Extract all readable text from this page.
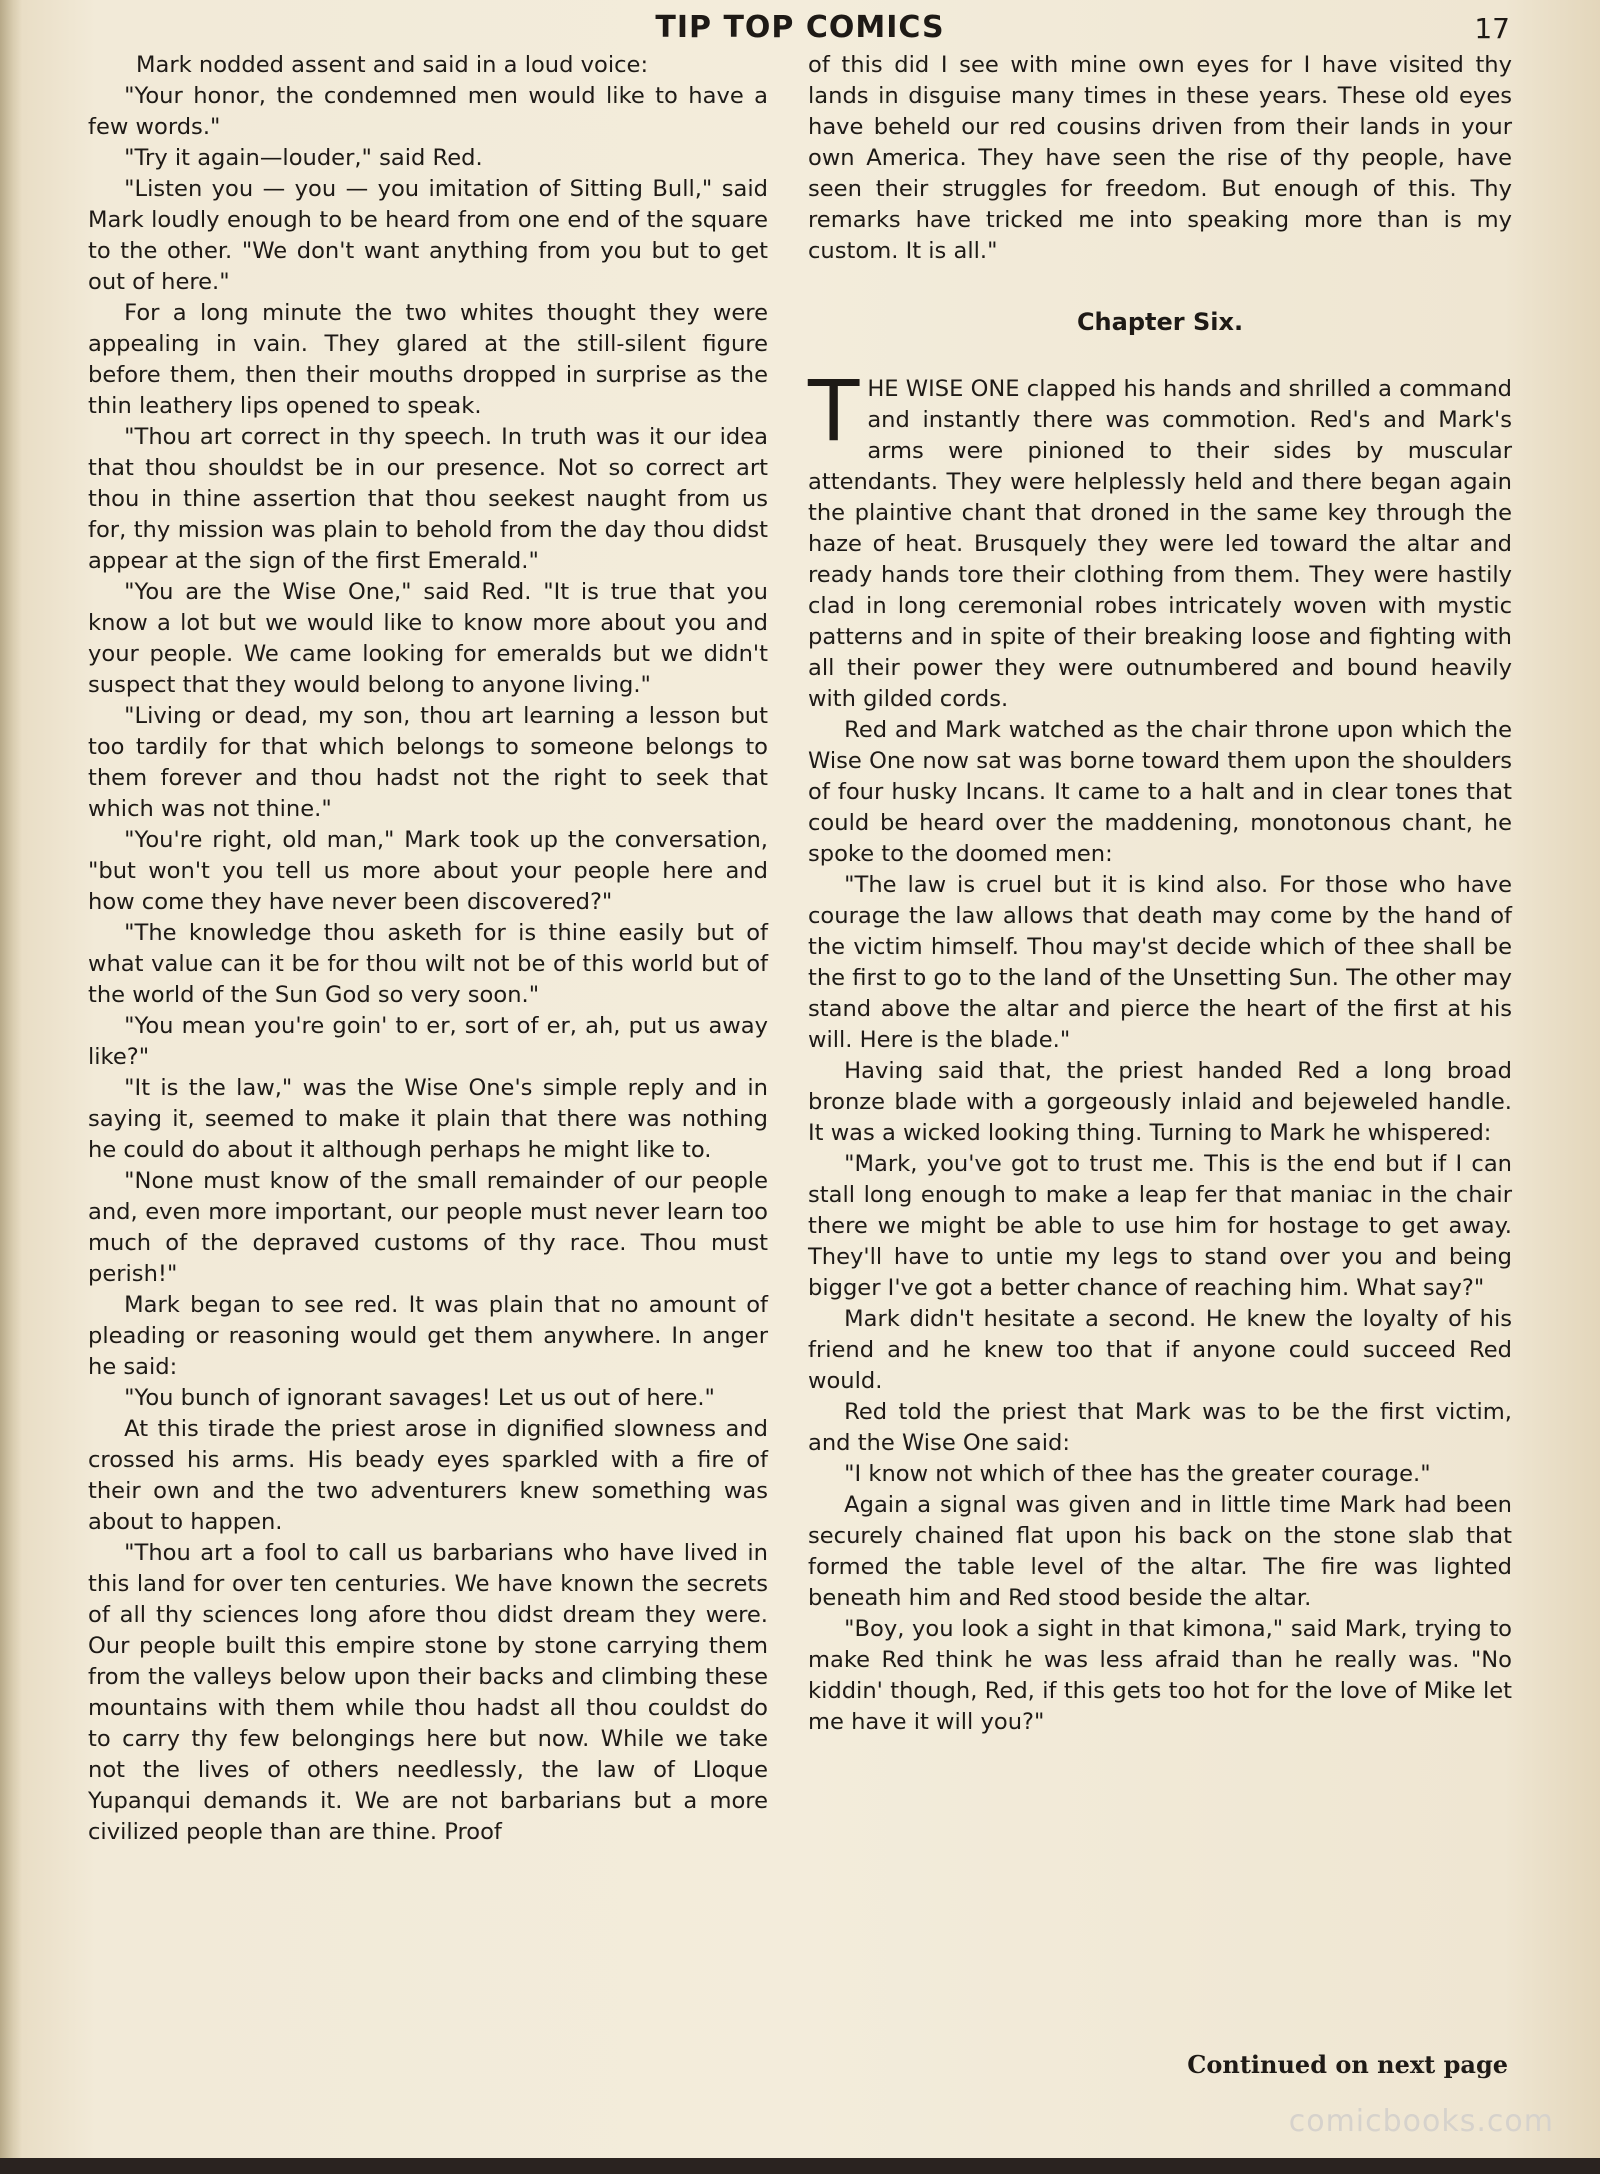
TIP TOP COMICS	17

Mark nodded assent and said in a loud voice:

"Your honor, the condemned men would like to have a few words."

"Try it again—louder," said Red.

"Listen you — you — you imitation of Sitting Bull," said Mark loudly enough to be heard from one end of the square to the other. "We don't want anything from you but to get out of here."

For a long minute the two whites thought they were appealing in vain. They glared at the still-silent figure before them, then their mouths dropped in surprise as the thin leathery lips opened to speak.

"Thou art correct in thy speech. In truth was it our idea that thou shouldst be in our presence. Not so correct art thou in thine assertion that thou seekest naught from us for, thy mission was plain to behold from the day thou didst appear at the sign of the first Emerald."

"You are the Wise One," said Red. "It is true that you know a lot but we would like to know more about you and your people. We came looking for emeralds but we didn't suspect that they would belong to anyone living."

"Living or dead, my son, thou art learning a lesson but too tardily for that which belongs to someone belongs to them forever and thou hadst not the right to seek that which was not thine."

"You're right, old man," Mark took up the conversation, "but won't you tell us more about your people here and how come they have never been discovered?"

"The knowledge thou asketh for is thine easily but of what value can it be for thou wilt not be of this world but of the world of the Sun God so very soon."

"You mean you're goin' to er, sort of er, ah, put us away like?"

"It is the law," was the Wise One's simple reply and in saying it, seemed to make it plain that there was nothing he could do about it although perhaps he might like to.

"None must know of the small remainder of our people and, even more important, our people must never learn too much of the depraved customs of thy race. Thou must perish!"

Mark began to see red. It was plain that no amount of pleading or reasoning would get them anywhere. In anger he said:

"You bunch of ignorant savages! Let us out of here."

At this tirade the priest arose in dignified slowness and crossed his arms. His beady eyes sparkled with a fire of their own and the two adventurers knew something was about to happen.

"Thou art a fool to call us barbarians who have lived in this land for over ten centuries. We have known the secrets of all thy sciences long afore thou didst dream they were. Our people built this empire stone by stone carrying them from the valleys below upon their backs and climbing these mountains with them while thou hadst all thou couldst do to carry thy few belongings here but now. While we take not the lives of others needlessly, the law of Lloque Yupanqui demands it. We are not barbarians but a more civilized people than are thine. Proof

of this did I see with mine own eyes for I have visited thy lands in disguise many times in these years. These old eyes have beheld our red cousins driven from their lands in your own America. They have seen the rise of thy people, have seen their struggles for freedom. But enough of this. Thy remarks have tricked me into speaking more than is my custom. It is all."

Chapter Six.

THE WISE ONE clapped his hands and shrilled a command and instantly there was commotion. Red's and Mark's arms were pinioned to their sides by muscular attendants. They were helplessly held and there began again the plaintive chant that droned in the same key through the haze of heat. Brusquely they were led toward the altar and ready hands tore their clothing from them. They were hastily clad in long ceremonial robes intricately woven with mystic patterns and in spite of their breaking loose and fighting with all their power they were outnumbered and bound heavily with gilded cords.

Red and Mark watched as the chair throne upon which the Wise One now sat was borne toward them upon the shoulders of four husky Incans. It came to a halt and in clear tones that could be heard over the maddening, monotonous chant, he spoke to the doomed men:

"The law is cruel but it is kind also. For those who have courage the law allows that death may come by the hand of the victim himself. Thou may'st decide which of thee shall be the first to go to the land of the Unsetting Sun. The other may stand above the altar and pierce the heart of the first at his will. Here is the blade."

Having said that, the priest handed Red a long broad bronze blade with a gorgeously inlaid and bejeweled handle. It was a wicked looking thing. Turning to Mark he whispered:

"Mark, you've got to trust me. This is the end but if I can stall long enough to make a leap fer that maniac in the chair there we might be able to use him for hostage to get away. They'll have to untie my legs to stand over you and being bigger I've got a better chance of reaching him. What say?"

Mark didn't hesitate a second. He knew the loyalty of his friend and he knew too that if anyone could succeed Red would.

Red told the priest that Mark was to be the first victim, and the Wise One said:

"I know not which of thee has the greater courage."

Again a signal was given and in little time Mark had been securely chained flat upon his back on the stone slab that formed the table level of the altar. The fire was lighted beneath him and Red stood beside the altar.

"Boy, you look a sight in that kimona," said Mark, trying to make Red think he was less afraid than he really was. "No kiddin' though, Red, if this gets too hot for the love of Mike let me have it will you?"

Continued on next page
comicbooks.com
